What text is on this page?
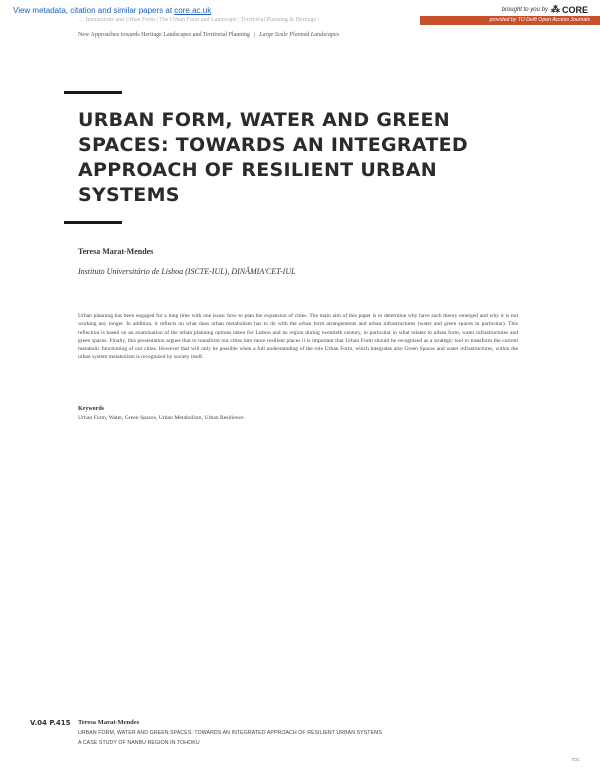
View metadata, citation and similar papers at core.ac.uk	brought to you by ⁂ CORE
provided by TU Delft Open Access Journals
… Interactions and Urban Form | The Urban Form and Landscape | Territorial Planning & Heritage |
New Approaches towards Heritage Landscapes and Territorial Planning | Large Scale Planned Landscapes
URBAN FORM, WATER AND GREEN SPACES: TOWARDS AN INTEGRATED APPROACH OF RESILIENT URBAN SYSTEMS
Teresa Marat-Mendes
Instituto Universitário de Lisboa (ISCTE-IUL), DINÂMIA'CET-IUL

Urban planning has been engaged for a long time with one issue: how to plan the expansion of cities. The main aim of this paper is to determine why have such theory emerged and why it is not working any longer. In addition, it reflects on what does urban metabolism has to do with the urban form arrangements and urban infrastructures (water and green spaces in particular). This reflection is based on an examination of the urban planning options taken for Lisbon and its region during twentieth century, in particular in what relates to urban form, water infrastructures and green spaces. Finally, this presentation argues that to transform our cities into more resilient places it is important that Urban Form should be recognized as a strategic tool to transform the current metabolic functioning of our cities. However that will only be possible when a full understanding of the role Urban Form, which integrates also Green Spaces and water infrastructures, within the urban system metabolism is recognized by society itself.

Keywords
Urban Form, Water, Green Spaces, Urban Metabolism, Urban Resilience.
V.04 P.415 Teresa Marat-Mendes
URBAN FORM, WATER AND GREEN SPACES: TOWARDS AN INTEGRATED APPROACH OF RESILIENT URBAN SYSTEMS
A CASE STUDY OF NANBU REGION IN TOHOKU
TOC
